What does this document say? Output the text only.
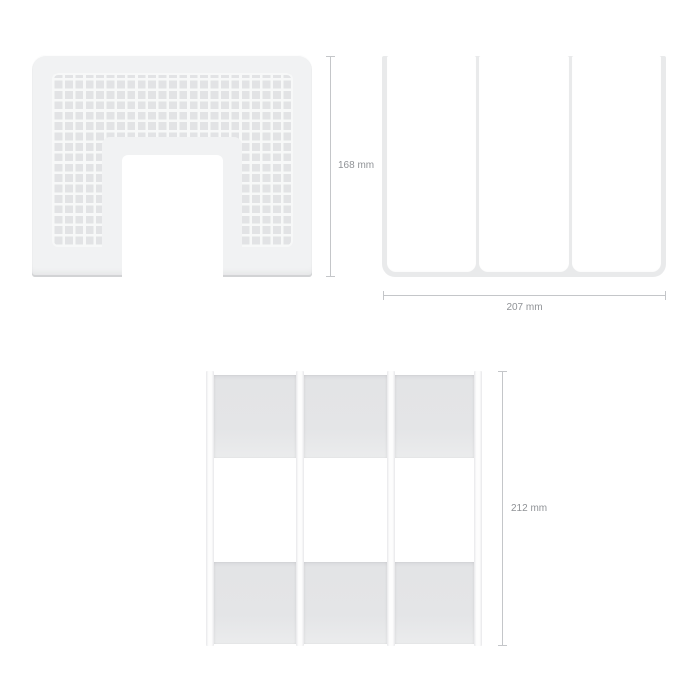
168 mm
207 mm
212 mm
